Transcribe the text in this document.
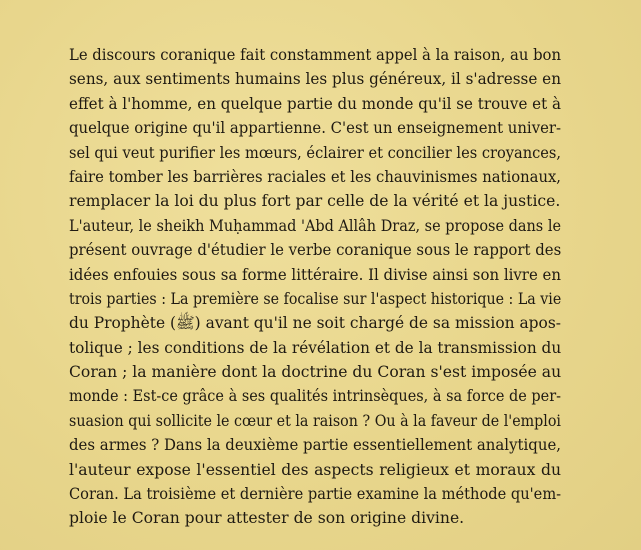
Le discours coranique fait constamment appel à la raison, au bon
sens, aux sentiments humains les plus généreux, il s'adresse en
effet à l'homme, en quelque partie du monde qu'il se trouve et à
quelque origine qu'il appartienne. C'est un enseignement univer-
sel qui veut purifier les mœurs, éclairer et concilier les croyances,
faire tomber les barrières raciales et les chauvinismes nationaux,
remplacer la loi du plus fort par celle de la vérité et la justice.
L'auteur, le sheikh Muḥammad 'Abd Allâh Draz, se propose dans le
présent ouvrage d'étudier le verbe coranique sous le rapport des
idées enfouies sous sa forme littéraire. Il divise ainsi son livre en
trois parties : La première se focalise sur l'aspect historique : La vie
du Prophète (ﷺ) avant qu'il ne soit chargé de sa mission apos-
tolique ; les conditions de la révélation et de la transmission du
Coran ; la manière dont la doctrine du Coran s'est imposée au
monde : Est-ce grâce à ses qualités intrinsèques, à sa force de per-
suasion qui sollicite le cœur et la raison ? Ou à la faveur de l'emploi
des armes ? Dans la deuxième partie essentiellement analytique,
l'auteur expose l'essentiel des aspects religieux et moraux du
Coran. La troisième et dernière partie examine la méthode qu'em-
ploie le Coran pour attester de son origine divine.
